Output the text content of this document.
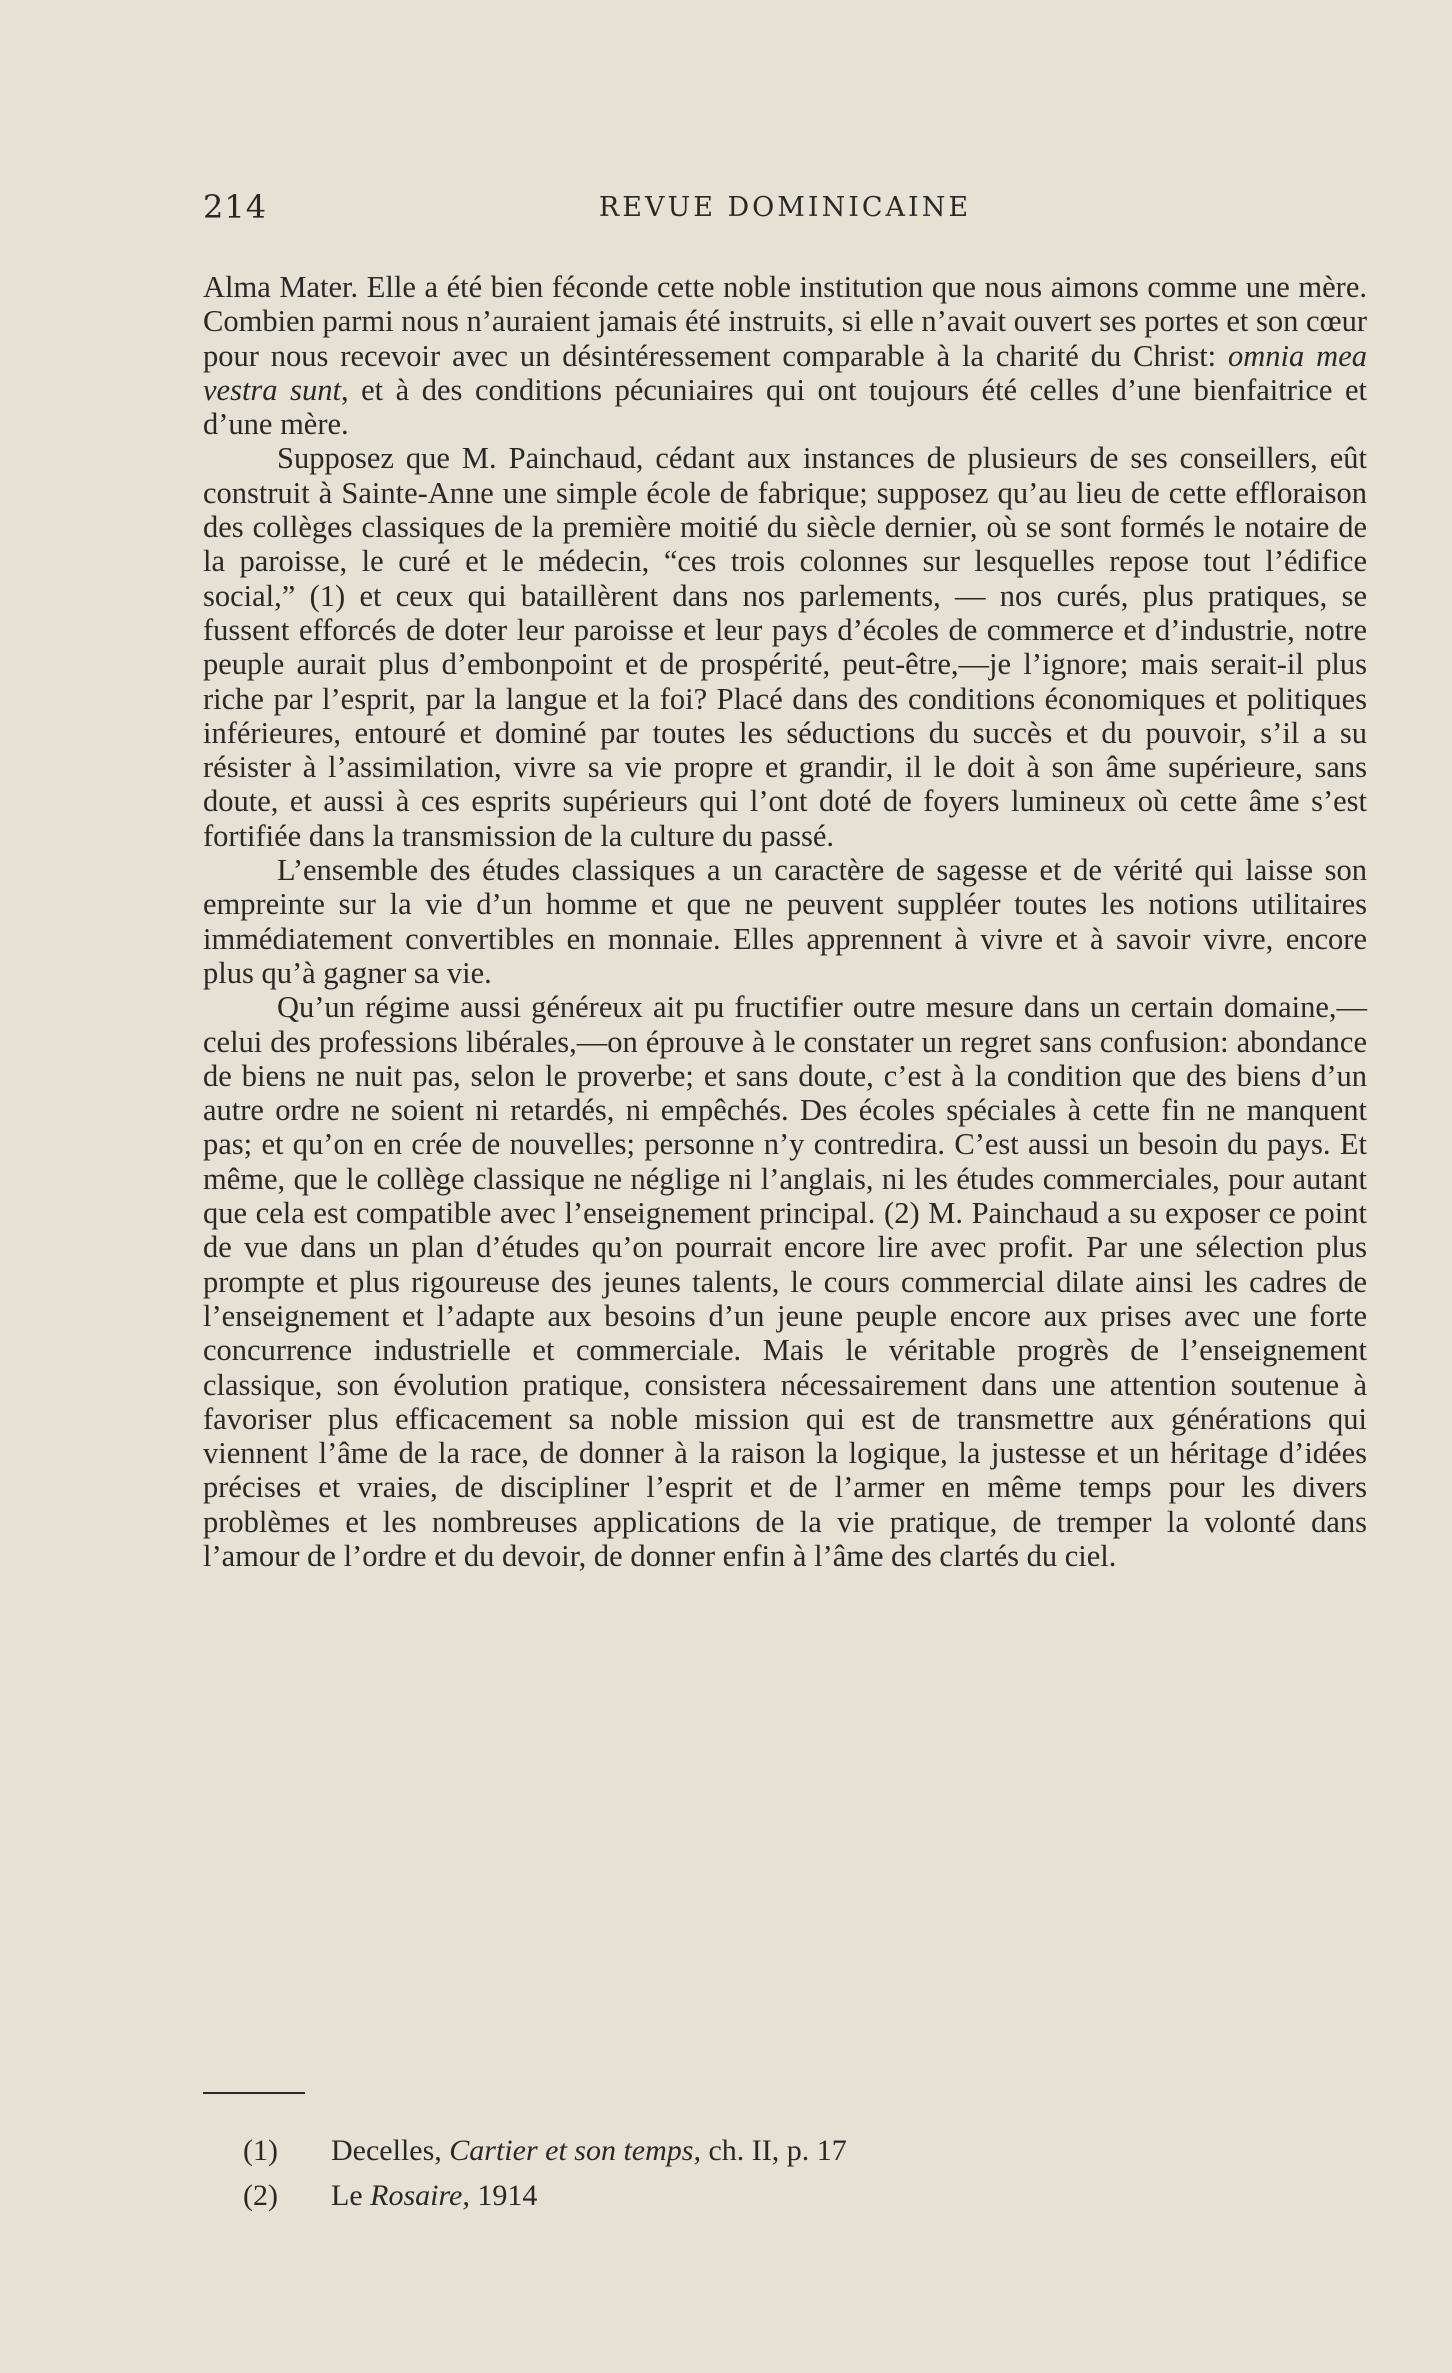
214	REVUE DOMINICAINE

Alma Mater. Elle a été bien féconde cette noble institution que nous aimons comme une mère. Combien parmi nous n’auraient jamais été instruits, si elle n’avait ouvert ses portes et son cœur pour nous recevoir avec un désintéressement comparable à la charité du Christ: omnia mea vestra sunt, et à des conditions pécuniaires qui ont toujours été celles d’une bienfaitrice et d’une mère.

Supposez que M. Painchaud, cédant aux instances de plusieurs de ses conseillers, eût construit à Sainte-Anne une simple école de fabrique; supposez qu’au lieu de cette effloraison des collèges classiques de la première moitié du siècle dernier, où se sont formés le notaire de la paroisse, le curé et le médecin, “ces trois colonnes sur lesquelles repose tout l’édifice social,” (1) et ceux qui bataillèrent dans nos parlements, — nos curés, plus pratiques, se fussent efforcés de doter leur paroisse et leur pays d’écoles de commerce et d’industrie, notre peuple aurait plus d’embonpoint et de prospérité, peut-être,—je l’ignore; mais serait-il plus riche par l’esprit, par la langue et la foi? Placé dans des conditions économiques et politiques inférieures, entouré et dominé par toutes les séductions du succès et du pouvoir, s’il a su résister à l’assimilation, vivre sa vie propre et grandir, il le doit à son âme supérieure, sans doute, et aussi à ces esprits supérieurs qui l’ont doté de foyers lumineux où cette âme s’est fortifiée dans la transmission de la culture du passé.

L’ensemble des études classiques a un caractère de sagesse et de vérité qui laisse son empreinte sur la vie d’un homme et que ne peuvent suppléer toutes les notions utilitaires immédiatement convertibles en monnaie. Elles apprennent à vivre et à savoir vivre, encore plus qu’à gagner sa vie.

Qu’un régime aussi généreux ait pu fructifier outre mesure dans un certain domaine,—celui des professions libérales,—on éprouve à le constater un regret sans confusion: abondance de biens ne nuit pas, selon le proverbe; et sans doute, c’est à la condition que des biens d’un autre ordre ne soient ni retardés, ni empêchés. Des écoles spéciales à cette fin ne manquent pas; et qu’on en crée de nouvelles; personne n’y contredira. C’est aussi un besoin du pays. Et même, que le collège classique ne néglige ni l’anglais, ni les études commerciales, pour autant que cela est compatible avec l’enseignement principal. (2) M. Painchaud a su exposer ce point de vue dans un plan d’études qu’on pourrait encore lire avec profit. Par une sélection plus prompte et plus rigoureuse des jeunes talents, le cours commercial dilate ainsi les cadres de l’enseignement et l’adapte aux besoins d’un jeune peuple encore aux prises avec une forte concurrence industrielle et commerciale. Mais le véritable progrès de l’enseignement classique, son évolution pratique, consistera nécessairement dans une attention soutenue à favoriser plus efficacement sa noble mission qui est de transmettre aux générations qui viennent l’âme de la race, de donner à la raison la logique, la justesse et un héritage d’idées précises et vraies, de discipliner l’esprit et de l’armer en même temps pour les divers problèmes et les nombreuses applications de la vie pratique, de tremper la volonté dans l’amour de l’ordre et du devoir, de donner enfin à l’âme des clartés du ciel.

(1) Decelles, Cartier et son temps, ch. II, p. 17
(2) Le Rosaire, 1914
